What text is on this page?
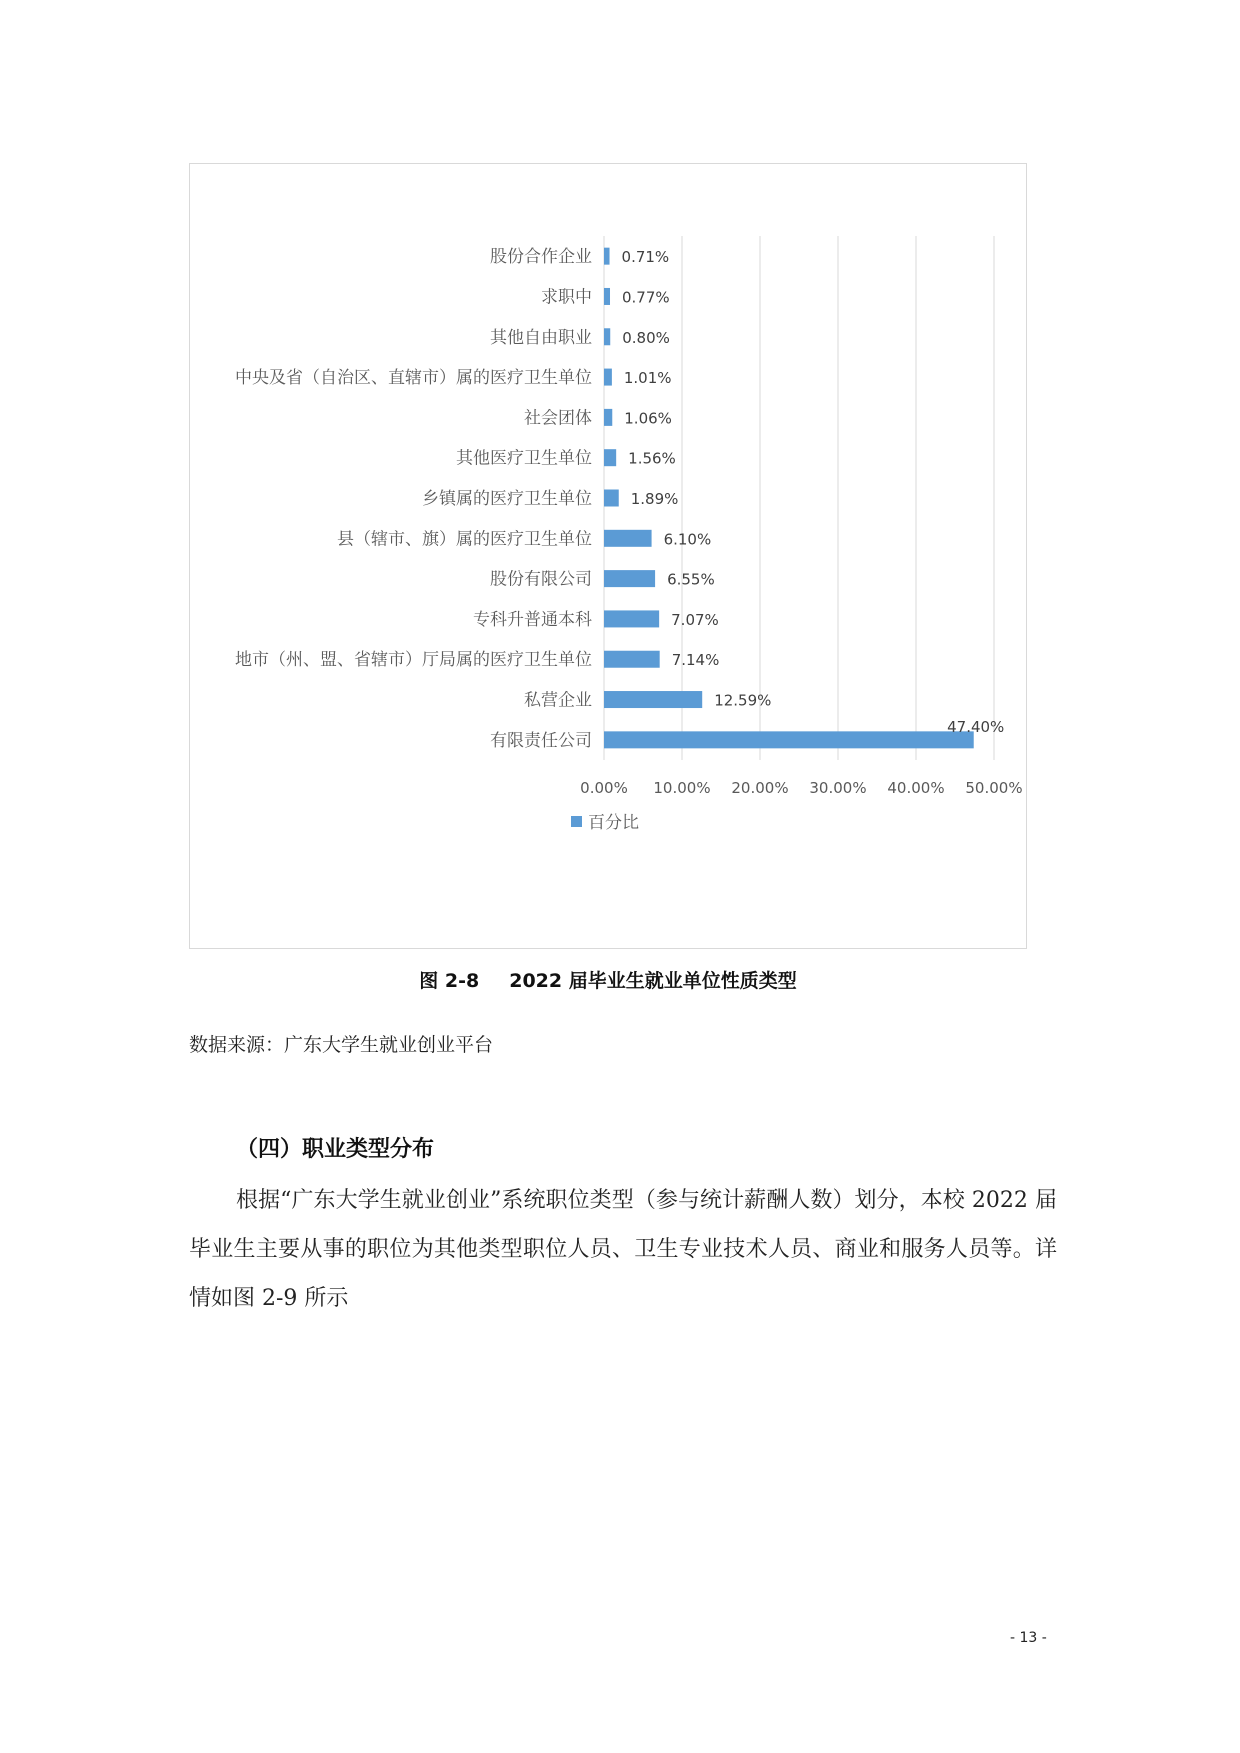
0.00% 10.00% 20.00% 30.00% 40.00% 50.00%
股份合作企业 0.71%
求职中 0.77%
其他自由职业 0.80%
中央及省（自治区、直辖市）属的医疗卫生单位 1.01%
社会团体 1.06%
其他医疗卫生单位 1.56%
乡镇属的医疗卫生单位	1.89%
县（辖市、旗）属的医疗卫生单位	6.10%
股份有限公司	6.55%
专科升普通本科	7.07%
地市（州、盟、省辖市）厅局属的医疗卫生单位	7.14%
私营企业	12.59%
有限责任公司
47.40%
百分比
图 2-8 2022 届毕业生就业单位性质类型
数据来源：广东大学生就业创业平台
（四）职业类型分布
根据“广东大学生就业创业”系统职位类型（参与统计薪酬人数）划分，本校 2022 届毕业生主要从事的职位为其他类型职位人员、卫生专业技术人员、商业和服务人员等。详情如图 2-9 所示
- 13 -
